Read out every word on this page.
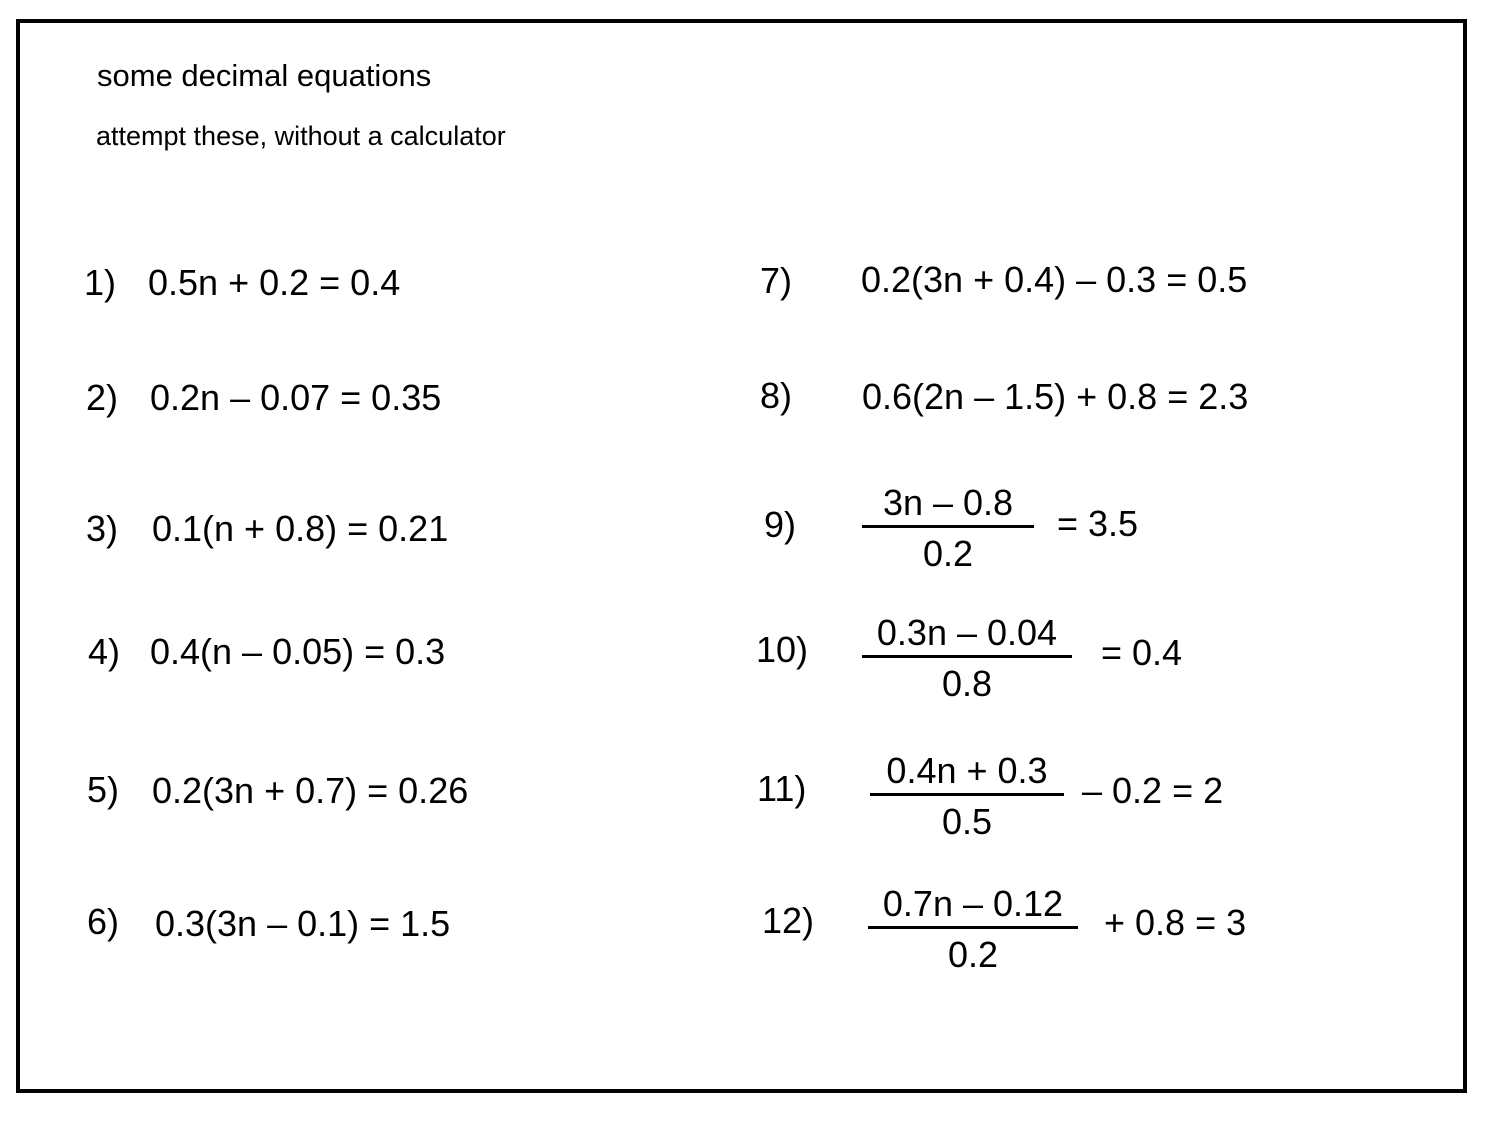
some decimal equations
attempt these, without a calculator
1) 0.5n + 0.2 = 0.4
2) 0.2n – 0.07 = 0.35
3) 0.1(n + 0.8) = 0.21
4) 0.4(n – 0.05) = 0.3
5) 0.2(3n + 0.7) = 0.26
6) 0.3(3n – 0.1) = 1.5
7) 0.2(3n + 0.4) – 0.3 = 0.5
8) 0.6(2n – 1.5) + 0.8 = 2.3
9)
3n – 0.8
0.2
= 3.5
10) 0.3n – 0.04
0.8
= 0.4
11) 0.4n + 0.3
0.5
– 0.2 = 2
12) 0.7n – 0.12
0.2
+ 0.8 = 3
